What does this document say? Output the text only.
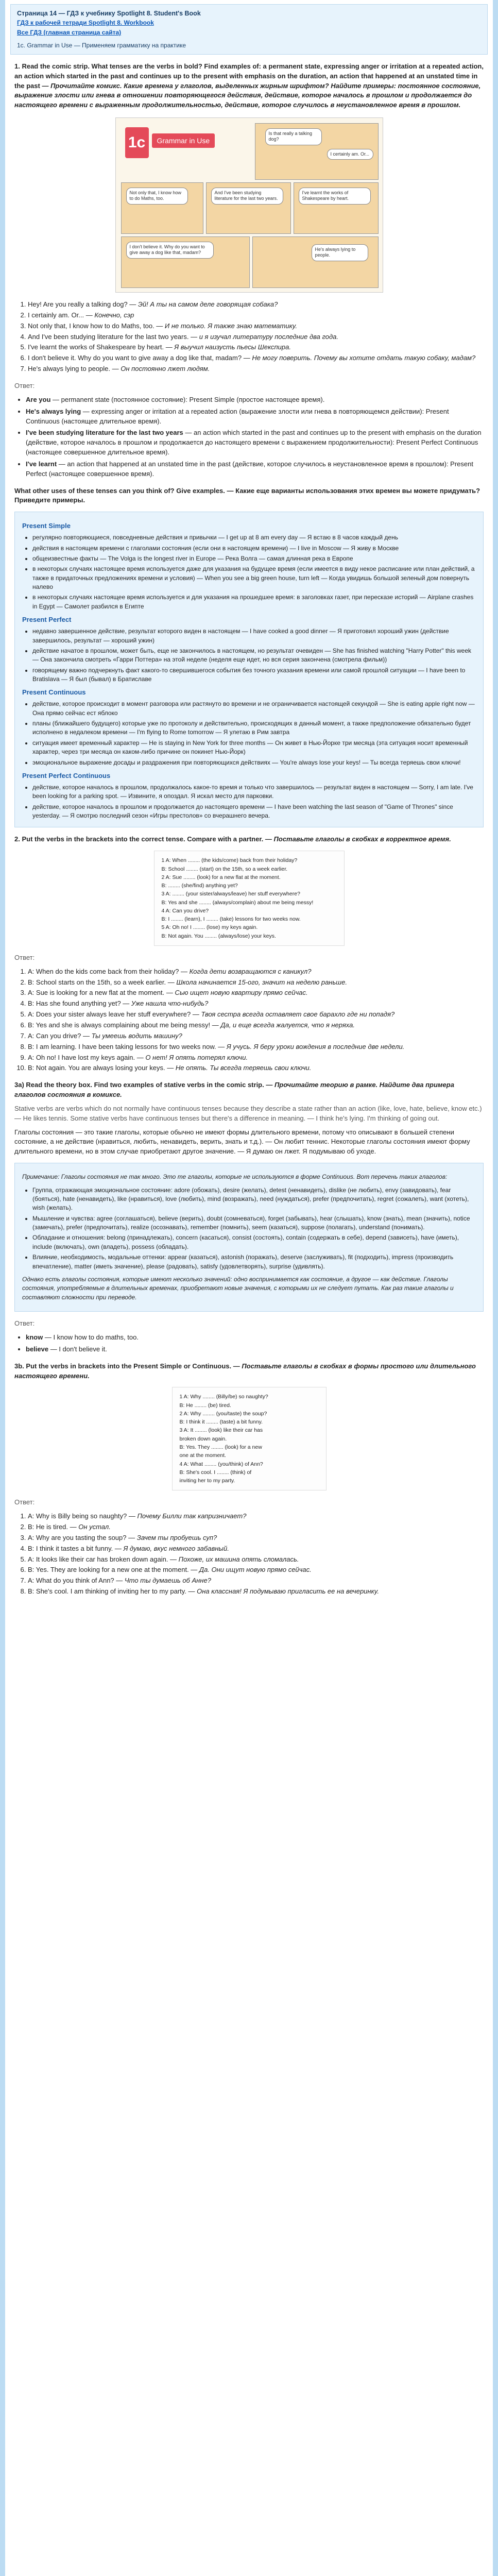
Страница 14 — ГДЗ к учебнику Spotlight 8. Student's Book
ГДЗ к рабочей тетради Spotlight 8. Workbook
Все ГДЗ (главная страница сайта)
1c. Grammar in Use — Применяем грамматику на практике

1. Read the comic strip. What tenses are the verbs in bold? Find examples of: a permanent state, expressing anger or irritation at a repeated action, an action which started in the past and continues up to the present with emphasis on the duration, an action that happened at an unstated time in the past — Прочитайте комикс. Какие времена у глаголов, выделенных жирным шрифтом? Найдите примеры: постоянное состояние, выражение злости или гнева в отношении повторяющегося действия, действие, которое началось в прошлом и продолжается до настоящего времени с выраженным продолжительностью, действие, которое случилось в неустановленное время в прошлом.

1c	Grammar in Use
Is that really a talking dog?
I certainly am. Or...
Not only that, I know how to do Maths, too.
And I've been studying literature for the last two years.
I've learnt the works of Shakespeare by heart.
I don't believe it. Why do you want to give away a dog like that, madam?
He's always lying to people.
1. Hey! Are you really a talking dog? — Эй! А ты на самом деле говорящая собака?
2. I certainly am. Or... — Конечно, сэр
3. Not only that, I know how to do Maths, too. — И не только. Я также знаю математику.
4. And I've been studying literature for the last two years. — и я изучал литературу последние два года.
5. I've learnt the works of Shakespeare by heart. — Я выучил наизусть пьесы Шекспира.
6. I don't believe it. Why do you want to give away a dog like that, madam? — Не могу поверить. Почему вы хотите отдать такую собаку, мадам?
7. He's always lying to people. — Он постоянно лжет людям.

Ответ:

• Are you — permanent state (постоянное состояние): Present Simple (простое настоящее время).
• He's always lying — expressing anger or irritation at a repeated action (выражение злости или гнева в повторяющемся действии): Present Continuous (настоящее длительное время).
• I've been studying literature for the last two years — an action which started in the past and continues up to the present with emphasis on the duration (действие, которое началось в прошлом и продолжается до настоящего времени с выражением продолжительности): Present Perfect Continuous (настоящее совершенное длительное время).
• I've learnt — an action that happened at an unstated time in the past (действие, которое случилось в неустановленное время в прошлом): Present Perfect (настоящее совершенное время).

What other uses of these tenses can you think of? Give examples. — Какие еще варианты использования этих времен вы можете придумать? Приведите примеры.

Present Simple
• регулярно повторяющиеся, повседневные действия и привычки — I get up at 8 am every day — Я встаю в 8 часов каждый день
• действия в настоящем времени с глаголами состояния (если они в настоящем времени) — I live in Moscow — Я живу в Москве
• общеизвестные факты — The Volga is the longest river in Europe — Река Волга — самая длинная река в Европе
• в некоторых случаях настоящее время используется даже для указания на будущее время (если имеется в виду некое расписание или план действий, а также в придаточных предложениях времени и условия) — When you see a big green house, turn left — Когда увидишь большой зеленый дом повернуть налево
• в некоторых случаях настоящее время используется и для указания на прошедшее время: в заголовках газет, при пересказе историй — Airplane crashes in Egypt — Самолет разбился в Египте
Present Perfect
• недавно завершенное действие, результат которого виден в настоящем — I have cooked a good dinner — Я приготовил хороший ужин (действие завершилось, результат — хороший ужин)
• действие начатое в прошлом, может быть, еще не закончилось в настоящем, но результат очевиден — She has finished watching "Harry Potter" this week — Она закончила смотреть «Гарри Поттера» на этой неделе (неделя еще идет, но вся серия закончена (смотрела фильм))
• говорящему важно подчеркнуть факт какого-то свершившегося события без точного указания времени или самой прошлой ситуации — I have been to Bratislava — Я был (бывал) в Братиславе
Present Continuous
• действие, которое происходит в момент разговора или растянуто во времени и не ограничивается настоящей секундой — She is eating apple right now — Она прямо сейчас ест яблоко
• планы (ближайшего будущего) которые уже по протоколу и действительно, происходящих в данный момент, а также предположение обязательно будет исполнено в недалеком времени — I'm flying to Rome tomorrow — Я улетаю в Рим завтра
• ситуация имеет временный характер — He is staying in New York for three months — Он живет в Нью-Йорке три месяца (эта ситуация носит временный характер, через три месяца он каком-либо причине он покинет Нью-Йорк)
• эмоциональное выражение досады и раздражения при повторяющихся действиях — You're always lose your keys! — Ты всегда теряешь свои ключи!
Present Perfect Continuous
• действие, которое началось в прошлом, продолжалось какое-то время и только что завершилось — результат виден в настоящем — Sorry, I am late. I've been looking for a parking spot. — Извините, я опоздал. Я искал место для парковки.
• действие, которое началось в прошлом и продолжается до настоящего времени — I have been watching the last season of "Game of Thrones" since yesterday. — Я смотрю последний сезон «Игры престолов» со вчерашнего вечера.

2. Put the verbs in the brackets into the correct tense. Compare with a partner. — Поставьте глаголы в скобках в корректное время.

1 A: When ........ (the kids/come) back from their holiday?
B: School ........ (start) on the 15th, so a week earlier.
2 A: Sue ........ (look) for a new flat at the moment.
B: ........ (she/find) anything yet?
3 A: ........ (your sister/always/leave) her stuff everywhere?
B: Yes and she ........ (always/complain) about me being messy!
4 A: Can you drive?
B: I ........ (learn), I ........ (take) lessons for two weeks now.
5 A: Oh no! I ........ (lose) my keys again.
B: Not again. You ........ (always/lose) your keys.

Ответ:

1. A: When do the kids come back from their holiday? — Когда дети возвращаются с каникул?
2. B: School starts on the 15th, so a week earlier. — Школа начинается 15-ого, значит на неделю раньше.
3. A: Sue is looking for a new flat at the moment. — Сью ищет новую квартиру прямо сейчас.
4. B: Has she found anything yet? — Уже нашла что-нибудь?
5. A: Does your sister always leave her stuff everywhere? — Твоя сестра всегда оставляет свое барахло где ни попадя?
6. B: Yes and she is always complaining about me being messy! — Да, и еще всегда жалуется, что я неряха.
7. A: Can you drive? — Ты умеешь водить машину?
8. B: I am learning. I have been taking lessons for two weeks now. — Я учусь. Я беру уроки вождения в последние две недели.
9. A: Oh no! I have lost my keys again. — О нет! Я опять потерял ключи.
10. B: Not again. You are always losing your keys. — Не опять. Ты всегда теряешь свои ключи.

3a) Read the theory box. Find two examples of stative verbs in the comic strip. — Прочитайте теорию в рамке. Найдите два примера глаголов состояния в комиксе.

Stative verbs are verbs which do not normally have continuous tenses because they describe a state rather than an action (like, love, hate, believe, know etc.) — He likes tennis. Some stative verbs have continuous tenses but there's a difference in meaning. — I think he's lying. I'm thinking of going out.

Глаголы состояния — это такие глаголы, которые обычно не имеют формы длительного времени, потому что описывают в большей степени состояние, а не действие (нравиться, любить, ненавидеть, верить, знать и т.д.). — Он любит теннис. Некоторые глаголы состояния имеют форму длительного времени, но в этом случае приобретают другое значение. — Я думаю он лжет. Я подумываю об уходе.

Примечание: Глаголы состояния не так много. Это те глаголы, которые не используются в форме Continuous. Вот перечень таких глаголов:

• Группа, отражающая эмоциональное состояние: adore (обожать), desire (желать), detest (ненавидеть), dislike (не любить), envy (завидовать), fear (бояться), hate (ненавидеть), like (нравиться), love (любить), mind (возражать), need (нуждаться), prefer (предпочитать), regret (сожалеть), want (хотеть), wish (желать).
• Мышление и чувства: agree (соглашаться), believe (верить), doubt (сомневаться), forget (забывать), hear (слышать), know (знать), mean (значить), notice (замечать), prefer (предпочитать), realize (осознавать), remember (помнить), seem (казаться), suppose (полагать), understand (понимать).
• Обладание и отношения: belong (принадлежать), concern (касаться), consist (состоять), contain (содержать в себе), depend (зависеть), have (иметь), include (включать), own (владеть), possess (обладать).
• Влияние, необходимость, модальные оттенки: appear (казаться), astonish (поражать), deserve (заслуживать), fit (подходить), impress (производить впечатление), matter (иметь значение), please (радовать), satisfy (удовлетворять), surprise (удивлять).

Однако есть глаголы состояния, которые имеют несколько значений: одно воспринимается как состояние, а другое — как действие. Глаголы состояния, употребляемые в длительных временах, приобретают новые значения, с которыми их не следует путать. Как раз такие глаголы и составляют сложности при переводе.

Ответ:

• know — I know how to do maths, too.
• believe — I don't believe it.

3b. Put the verbs in brackets into the Present Simple or Continuous. — Поставьте глаголы в скобках в формы простого или длительного настоящего времени.

1 A: Why ........ (Billy/be) so naughty?
B: He ........ (be) tired.
2 A: Why ........ (you/taste) the soup?
B: I think it ........ (taste) a bit funny.
3 A: It ........ (look) like their car has
broken down again.
B: Yes. They ........ (look) for a new
one at the moment.
4 A: What ........ (you/think) of Ann?
B: She's cool. I ........ (think) of
inviting her to my party.

Ответ:

1. A: Why is Billy being so naughty? — Почему Билли так капризничает?
2. B: He is tired. — Он устал.
3. A: Why are you tasting the soup? — Зачем ты пробуешь суп?
4. B: I think it tastes a bit funny. — Я думаю, вкус немного забавный.
5. A: It looks like their car has broken down again. — Похоже, их машина опять сломалась.
6. B: Yes. They are looking for a new one at the moment. — Да. Они ищут новую прямо сейчас.
7. A: What do you think of Ann? — Что ты думаешь об Анне?
8. B: She's cool. I am thinking of inviting her to my party. — Она классная! Я подумываю пригласить ее на вечеринку.
